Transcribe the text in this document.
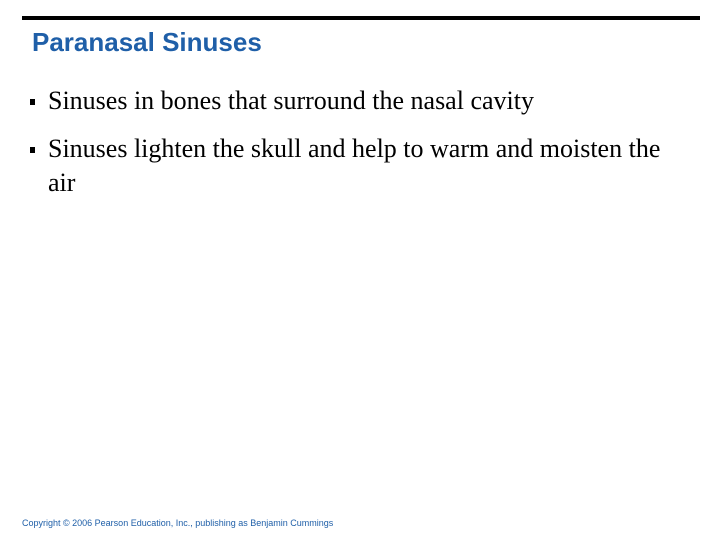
Paranasal Sinuses
Sinuses in bones that surround the nasal cavity
Sinuses lighten the skull and help to warm and moisten the air
Copyright © 2006 Pearson Education, Inc., publishing as Benjamin Cummings
